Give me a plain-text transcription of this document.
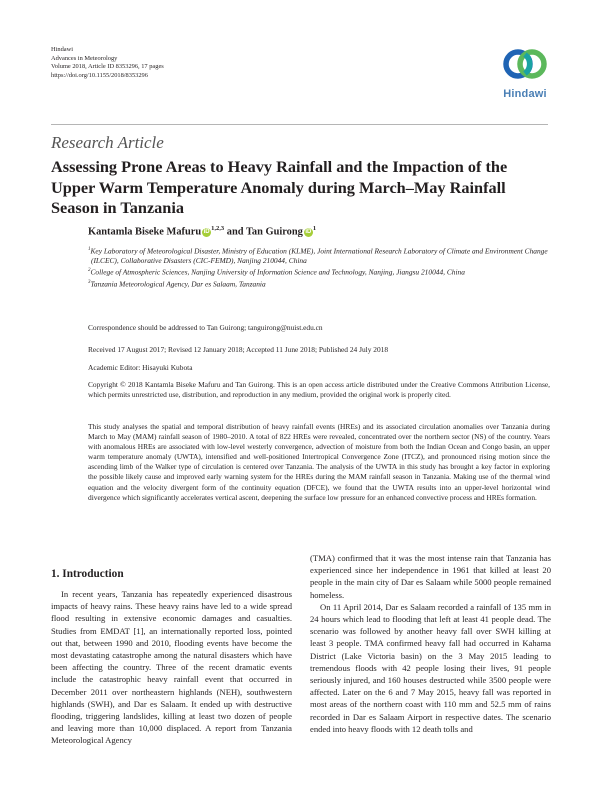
Hindawi
Advances in Meteorology
Volume 2018, Article ID 8353296, 17 pages
https://doi.org/10.1155/2018/8353296
Hindawi
Research Article
Assessing Prone Areas to Heavy Rainfall and the Impaction of the Upper Warm Temperature Anomaly during March–May Rainfall Season in Tanzania
Kantamla Biseke Mafuru iD$^{1,2,3}$ and Tan Guirong $iD^1$

$^1$Key Laboratory of Meteorological Disaster, Ministry of Education (KLME), Joint International Research Laboratory of Climate and Environment Change (ILCEC), Collaborative Disasters (CIC-FEMD), Nanjing 210044, China

$^2$College of Atmospheric Sciences, Nanjing University of Information Science and Technology, Nanjing, Jiangsu 210044, China

$^3$Tanzania Meteorological Agency, Dar es Salaam, Tanzania

Correspondence should be addressed to Tan Guirong; tanguirong@nuist.edu.cn
Received 17 August 2017; Revised 12 January 2018; Accepted 11 June 2018; Published 24 July 2018
Academic Editor: Hisayuki Kubota
Copyright © 2018 Kantamla Biseke Mafuru and Tan Guirong. This is an open access article distributed under the Creative Commons Attribution License, which permits unrestricted use, distribution, and reproduction in any medium, provided the original work is properly cited.

This study analyses the spatial and temporal distribution of heavy rainfall events (HREs) and its associated circulation anomalies over Tanzania during March to May (MAM) rainfall season of 1980–2010. A total of 822 HREs were revealed, concentrated over the northern sector (NS) of the country. Years with anomalous HREs are associated with low-level westerly convergence, advection of moisture from both the Indian Ocean and Congo basin, an upper warm temperature anomaly (UWTA), intensified and well-positioned Intertropical Convergence Zone (ITCZ), and pronounced rising motion since the ascending limb of the Walker type of circulation is centered over Tanzania. The analysis of the UWTA in this study has brought a key factor in exploring the possible likely cause and improved early warning system for the HREs during the MAM rainfall season in Tanzania. Making use of the thermal wind equation and the velocity divergent form of the continuity equation (DFCE), we found that the UWTA results into an upper-level horizontal wind divergence which significantly accelerates vertical ascent, deepening the surface low pressure for an enhanced convective process and HREs formation.

1. Introduction

In recent years, Tanzania has repeatedly experienced disastrous impacts of heavy rains. These heavy rains have led to a wide spread flood resulting in extensive economic damages and casualties. Studies from EMDAT [1], an internationally reported loss, pointed out that, between 1990 and 2010, flooding events have become the most devastating catastrophe among the natural disasters which have been affecting the country. Three of the recent dramatic events include the catastrophic heavy rainfall event that occurred in December 2011 over northeastern highlands (NEH), southwestern highlands (SWH), and Dar es Salaam. It ended up with destructive flooding, triggering landslides, killing at least two dozen of people and leaving more than 10,000 displaced. A report from Tanzania Meteorological Agency

(TMA) confirmed that it was the most intense rain that Tanzania has experienced since her independence in 1961 that killed at least 20 people in the main city of Dar es Salaam while 5000 people remained homeless.

On 11 April 2014, Dar es Salaam recorded a rainfall of 135 mm in 24 hours which lead to flooding that left at least 41 people dead. The scenario was followed by another heavy fall over SWH killing at least 3 people. TMA confirmed heavy fall had occurred in Kahama District (Lake Victoria basin) on the 3 May 2015 leading to tremendous floods with 42 people losing their lives, 91 people seriously injured, and 160 houses destructed while 3500 people were affected. Later on the 6 and 7 May 2015, heavy fall was reported in most areas of the northern coast with 110 mm and 52.5 mm of rains recorded in Dar es Salaam Airport in respective dates. The scenario ended into heavy floods with 12 death tolls and
